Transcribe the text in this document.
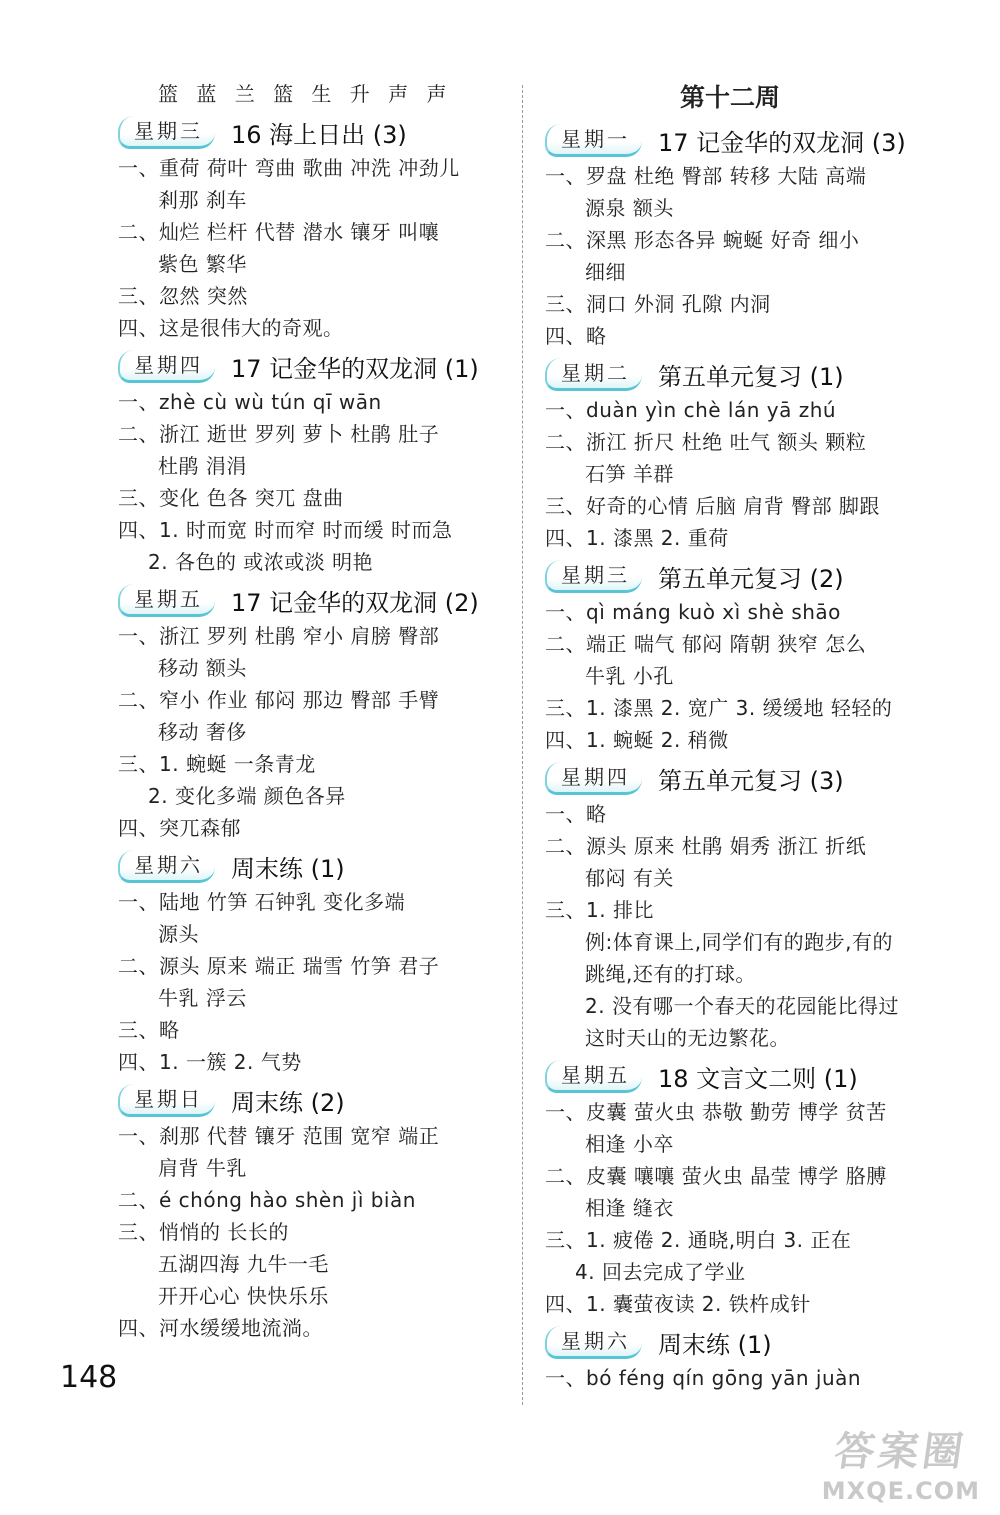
篮 蓝 兰 篮 生 升 声 声
星期三	16 海上日出 (3)
一、重荷 荷叶 弯曲 歌曲 冲洗 冲劲儿
剎那 刹车
二、灿烂 栏杆 代替 潜水 镶牙 叫嚷
紫色 繁华
三、忽然 突然
四、这是很伟大的奇观。
星期四	17 记金华的双龙洞 (1)
一、zhè cù wù tún qī wān
二、浙江 逝世 罗列 萝卜 杜鹃 肚子
杜鹃 涓涓
三、变化 色各 突兀 盘曲
四、1. 时而宽 时而窄 时而缓 时而急
2. 各色的 或浓或淡 明艳
星期五	17 记金华的双龙洞 (2)
一、浙江 罗列 杜鹃 窄小 肩膀 臀部
移动 额头
二、窄小 作业 郁闷 那边 臀部 手臂
移动 奢侈
三、1. 蜿蜒 一条青龙
2. 变化多端 颜色各异
四、突兀森郁
星期六	周末练 (1)
一、陆地 竹笋 石钟乳 变化多端
源头
二、源头 原来 端正 瑞雪 竹笋 君子
牛乳 浮云
三、略
四、1. 一簇 2. 气势
星期日	周末练 (2)
一、刹那 代替 镶牙 范围 宽窄 端正
肩背 牛乳
二、é chóng hào shèn jì biàn
三、悄悄的 长长的
五湖四海 九牛一毛
开开心心 快快乐乐
四、河水缓缓地流淌。
第十二周
星期一	17 记金华的双龙洞 (3)
一、罗盘 杜绝 臀部 转移 大陆 高端
源泉 额头
二、深黑 形态各异 蜿蜒 好奇 细小
细细
三、洞口 外洞 孔隙 内洞
四、略
星期二	第五单元复习 (1)
一、duàn yìn chè lán yā zhú
二、浙江 折尺 杜绝 吐气 额头 颗粒
石笋 羊群
三、好奇的心情 后脑 肩背 臀部 脚跟
四、1. 漆黑 2. 重荷
星期三	第五单元复习 (2)
一、qì máng kuò xì shè shāo
二、端正 喘气 郁闷 隋朝 狭窄 怎么
牛乳 小孔
三、1. 漆黑 2. 宽广 3. 缓缓地 轻轻的
四、1. 蜿蜒 2. 稍微
星期四	第五单元复习 (3)
一、略
二、源头 原来 杜鹃 娟秀 浙江 折纸
郁闷 有关
三、1. 排比
例:体育课上,同学们有的跑步,有的
跳绳,还有的打球。
2. 没有哪一个春天的花园能比得过
这时天山的无边繁花。
星期五	18 文言文二则 (1)
一、皮囊 萤火虫 恭敬 勤劳 博学 贫苦
相逢 小卒
二、皮囊 嚷嚷 萤火虫 晶莹 博学 胳膊
相逢 缝衣
三、1. 疲倦 2. 通晓,明白 3. 正在
4. 回去完成了学业
四、1. 囊萤夜读 2. 铁杵成针
星期六	周末练 (1)
一、bó féng qín gōng yān juàn
148
答案圈
MXQE.COM
